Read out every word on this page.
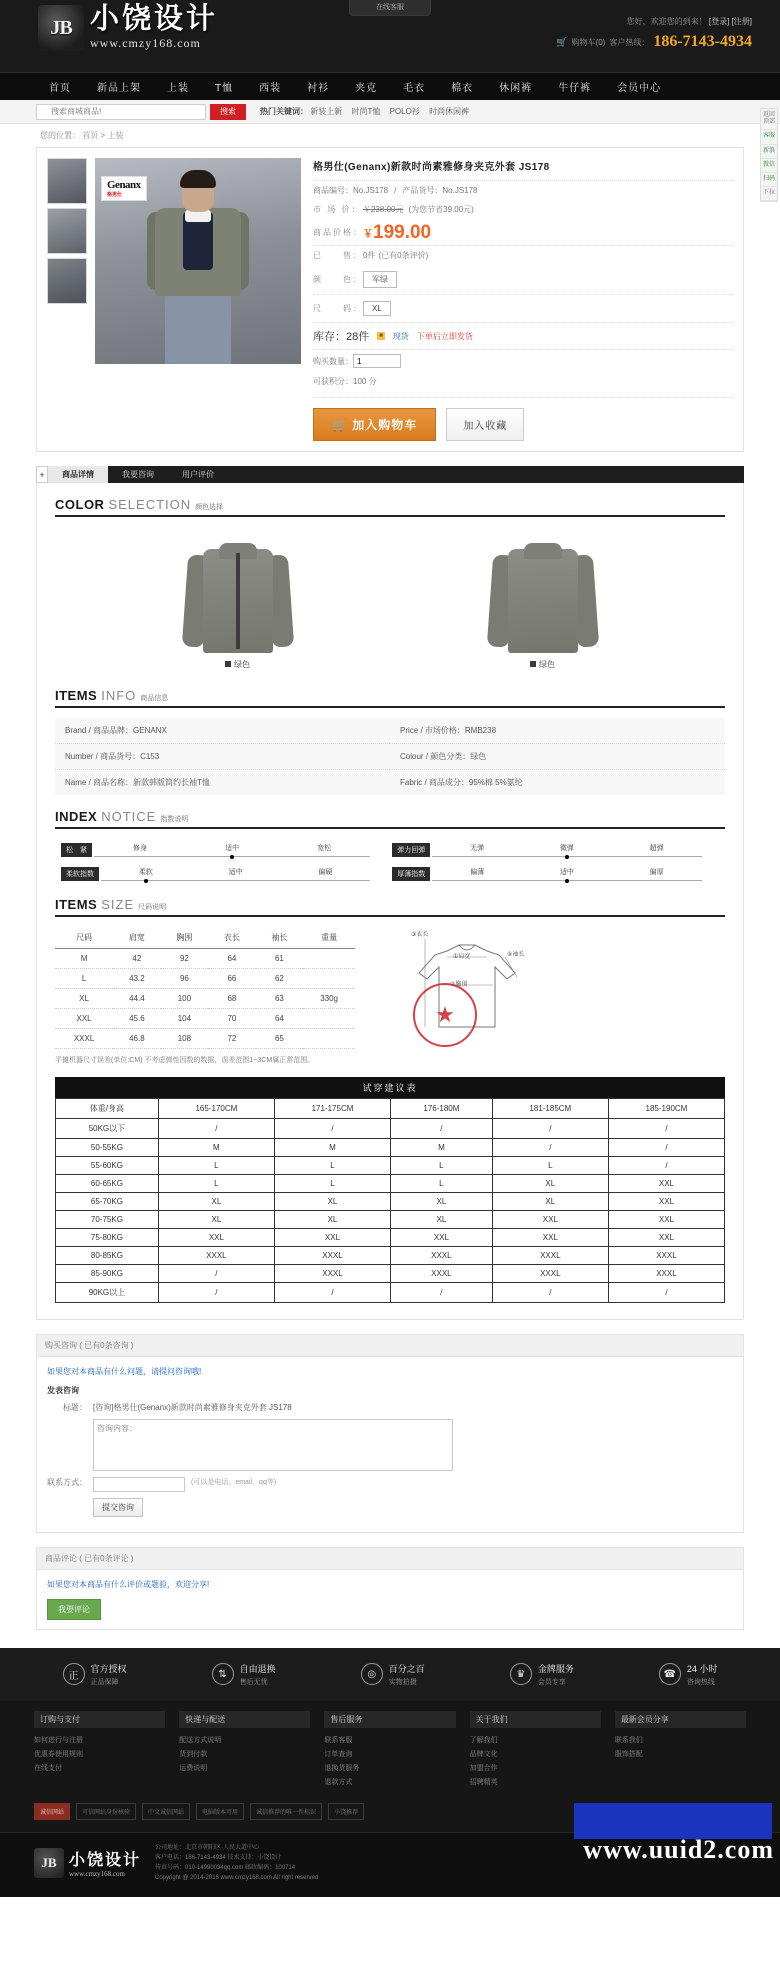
在线客服
JB 小饶设计
www.cmzy168.com
您好，欢迎您的到来！ [登录] [注册]
🛒 购物车(0) 客户热线： 186-7143-4934
首页	新品上架	上装	T恤	西装	衬衫	夹克	毛衣	棉衣	休闲裤	牛仔裤	会员中心
搜索商城商品!
搜索	热门关键词： 新装上新 时尚T恤 POLO衫 时尚休闲裤
您的位置： 首页 > 上装
Genanx
格男仕
格男仕(Genanx)新款时尚素雅修身夹克外套 JS178
商品编号： No.JS178 / 产品货号： No.JS178
市 场 价： ￥238.00元 (为您节省39.00元)
商品价格： ￥ 199.00
已　　售： 0件 (已有0条评价)
颜　　色：	军绿
尺　　码：	XL
库存：28件	■ 现货 下单后立即发货
购买数量：
1
可获积分： 100 分
🛒 加入购物车	加入收藏
+	商品详情	我要咨询	用户评价
COLOR SELECTION 颜色选择
绿色	绿色
ITEMS INFO 商品信息
Brand / 商品品牌：GENANX	Price / 市场价格：RMB238
Number / 商品货号：C153	Colour / 颜色分类：绿色
Name / 商品名称：新款韩版简约长袖T恤	Fabric / 商品成分：95%棉 5%氨纶
INDEX NOTICE 指数说明
松　紧	修身	适中	宽松	弹力回弹	无弹	微弹	超弹
柔软指数	柔软	适中	偏硬	厚薄指数	偏薄	适中	偏厚
ITEMS SIZE 尺码说明
尺码	肩宽	胸围	衣长	袖长	重量
M	42	92	64	61	
L	43.2	96	66	62	
XL	44.4	100	68	63	330g
XXL	45.6	104	70	64	
XXXL	46.8	108	72	65	
平摊机器尺寸误差(单位:CM) 不考虑弹性因数的数据，误差范围1~3CM属正常范围。
③衣长
①肩宽
②胸围
④袖长
★
试穿建议表
体重/身高	165-170CM	171-175CM	176-180M	181-185CM	185-190CM
50KG以下	/	/	/	/	/
50-55KG	M	M	M	/	/
55-60KG	L	L	L	L	/
60-65KG	L	L	L	XL	XXL
65-70KG	XL	XL	XL	XL	XXL
70-75KG	XL	XL	XL	XXL	XXL
75-80KG	XXL	XXL	XXL	XXL	XXL
80-85KG	XXXL	XXXL	XXXL	XXXL	XXXL
85-90KG	/	XXXL	XXXL	XXXL	XXXL
90KG以上	/	/	/	/	/
购买咨询 ( 已有0条咨询 )
如果您对本商品有什么问题，请提问咨询哦!
发表咨询
标题： [咨询]格男仕(Genanx)新款时尚素雅修身夹克外套 JS178
咨询内容：
联系方式：	(可以是电话、email、qq等)
提交咨询
商品评论 ( 已有0条评论 )
如果您对本商品有什么评价或题验，欢迎分享!
我要评论
正
官方授权
正品保障
⇅	自由退换
售后无忧
◎	百分之百
实物拍摄
♛	金牌服务
会员专享
☎	24 小时
咨询热线
订购与支付
如何进行与注册
优惠券使用规则
在线支付
快递与配送
配送方式说明
货到付款
运费说明
售后服务
联系客服
订单查询
退换货服务
退款方式
关于我们
了解我们
品牌文化
加盟合作
招聘精英
最新会员分享
联系我们
服饰搭配
诚信网站	可信网站身份核验	中文诚信网站	电脑版本可用	诚信推荐的唯一性标识	小饶推荐
JB 小饶设计
www.cmzy168.com
公司地址：北京市朝阳区·人民大道中心
客户电话：186-7143-4934 技术支持：小饶设计
传真号码：010-14990034qq.com 邮政编码：100714
Copyright @ 2014-2016 www.cmzy168.com All right reserved
www.uuid2.com
返回顶部
客服
新浪
微信
扫码
下拉
